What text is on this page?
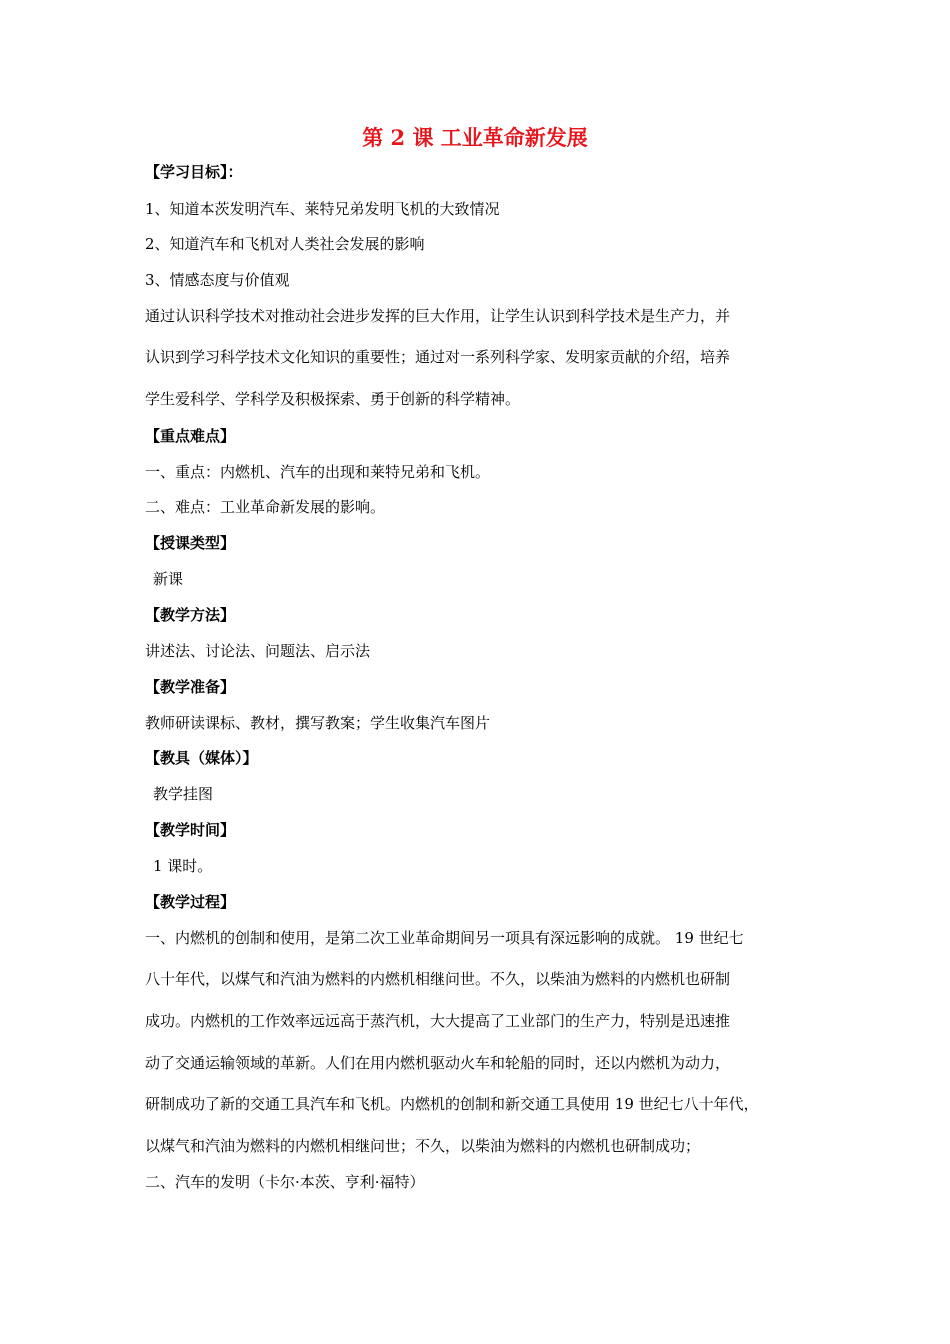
第 2 课 工业革命新发展
【学习目标】：
1、知道本茨发明汽车、莱特兄弟发明飞机的大致情况
2、知道汽车和飞机对人类社会发展的影响
3、情感态度与价值观
通过认识科学技术对推动社会进步发挥的巨大作用，让学生认识到科学技术是生产力，并
认识到学习科学技术文化知识的重要性；通过对一系列科学家、发明家贡献的介绍，培养
学生爱科学、学科学及积极探索、勇于创新的科学精神。
【重点难点】
一、重点：内燃机、汽车的出现和莱特兄弟和飞机。
二、难点：工业革命新发展的影响。
【授课类型】
新课
【教学方法】
讲述法、讨论法、问题法、启示法
【教学准备】
教师研读课标、教材，撰写教案；学生收集汽车图片
【教具（媒体）】
教学挂图
【教学时间】
1 课时。
【教学过程】
一、内燃机的创制和使用，是第二次工业革命期间另一项具有深远影响的成就。 19 世纪七
八十年代，以煤气和汽油为燃料的内燃机相继问世。不久，以柴油为燃料的内燃机也研制
成功。内燃机的工作效率远远高于蒸汽机，大大提高了工业部门的生产力，特别是迅速推
动了交通运输领域的革新。人们在用内燃机驱动火车和轮船的同时，还以内燃机为动力，
研制成功了新的交通工具汽车和飞机。内燃机的创制和新交通工具使用 19 世纪七八十年代，
以煤气和汽油为燃料的内燃机相继问世；不久，以柴油为燃料的内燃机也研制成功；
二、汽车的发明（卡尔·本茨、亨利·福特）
